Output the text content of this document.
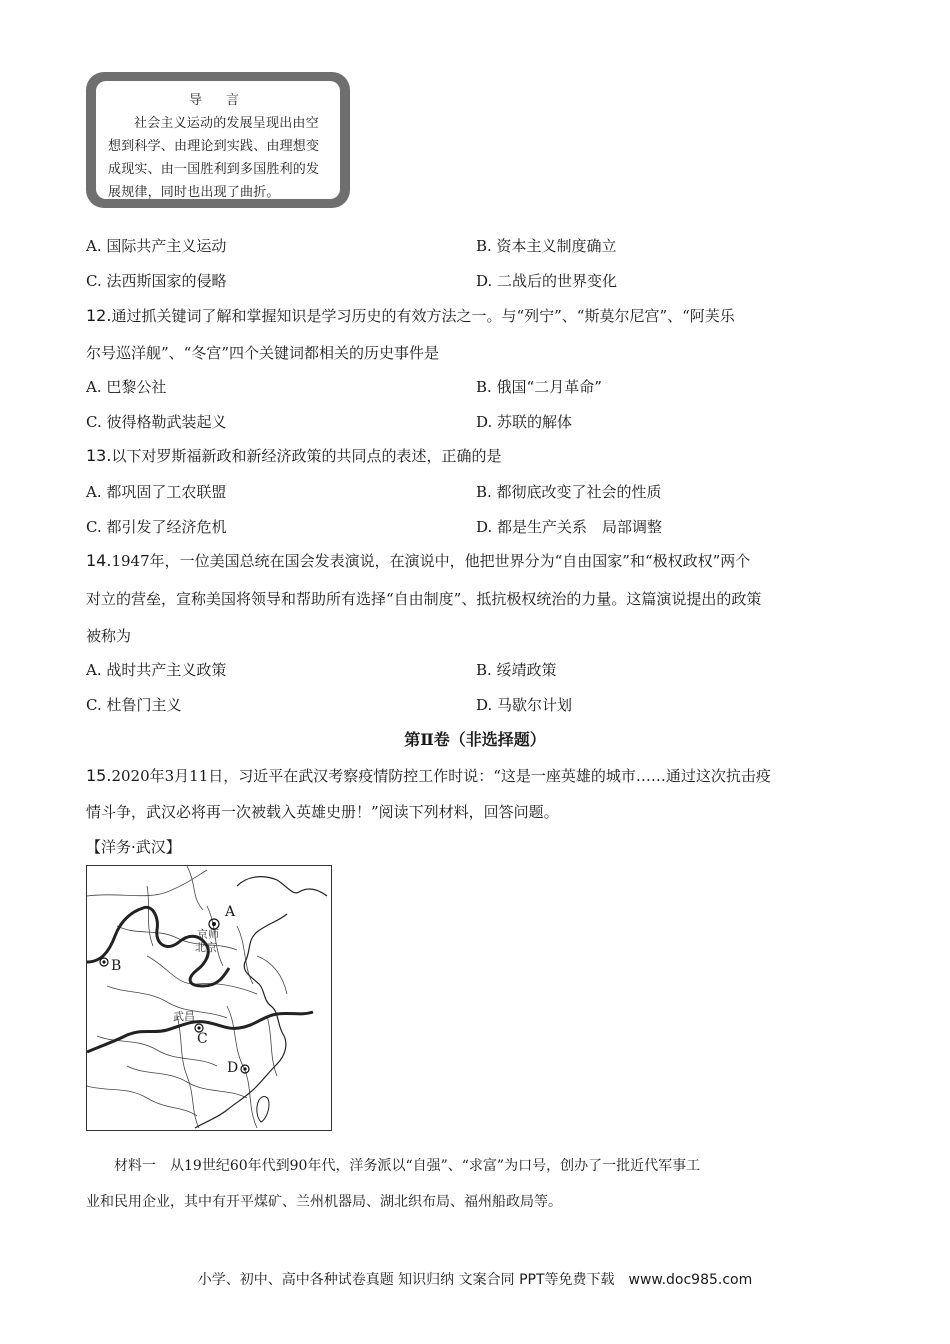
导 言

社会主义运动的发展呈现出由空想到科学、由理论到实践、由理想变成现实、由一国胜利到多国胜利的发展规律，同时也出现了曲折。

A. 国际共产主义运动	B. 资本主义制度确立
C. 法西斯国家的侵略	D. 二战后的世界变化
12.通过抓关键词了解和掌握知识是学习历史的有效方法之一。与“列宁”、“斯莫尔尼宫”、“阿芙乐
尔号巡洋舰”、“冬宫”四个关键词都相关的历史事件是
A. 巴黎公社	B. 俄国“二月革命”
C. 彼得格勒武装起义	D. 苏联的解体
13.以下对罗斯福新政和新经济政策的共同点的表述，正确的是
A. 都巩固了工农联盟	B. 都彻底改变了社会的性质
C. 都引发了经济危机	D. 都是生产关系　局部调整
14.1947年，一位美国总统在国会发表演说，在演说中，他把世界分为“自由国家”和“极权政权”两个
对立的营垒，宣称美国将领导和帮助所有选择“自由制度”、抵抗极权统治的力量。这篇演说提出的政策
被称为
A. 战时共产主义政策	B. 绥靖政策
C. 杜鲁门主义	D. 马歇尔计划
第Ⅱ卷（非选择题）
15.2020年3月11日，习近平在武汉考察疫情防控工作时说：“这是一座英雄的城市……通过这次抗击疫
情斗争，武汉必将再一次被载入英雄史册！”阅读下列材料，回答问题。
【洋务·武汉】
A
B
C
D
京师
北京
武昌
材料一　从19世纪60年代到90年代，洋务派以“自强”、“求富”为口号，创办了一批近代军事工
业和民用企业，其中有开平煤矿、兰州机器局、湖北织布局、福州船政局等。
小学、初中、高中各种试卷真题 知识归纳 文案合同 PPT等免费下载　www.doc985.com
